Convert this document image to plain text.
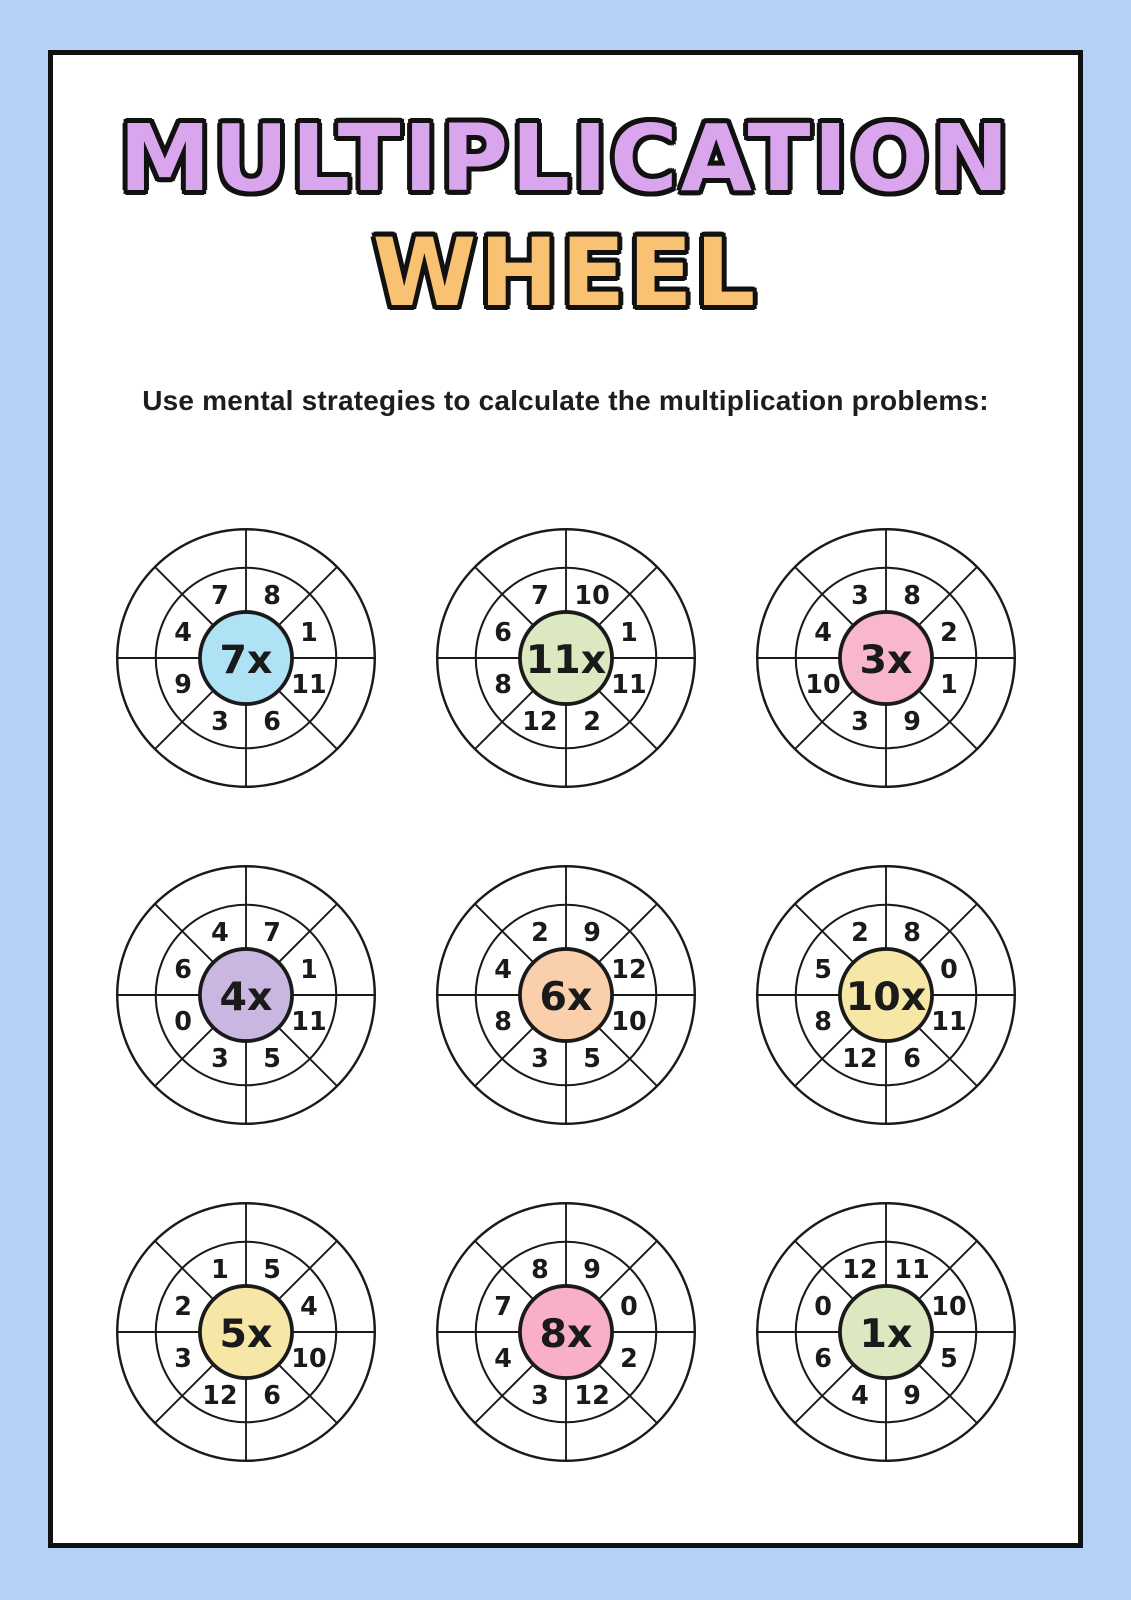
MULTIPLICATION
WHEEL
Use mental strategies to calculate the multiplication problems:
7 8
1
11
6
3
9
4
7x
7 10
1
11
2
12
8
6
11x
3 8
2
1
9
3
10
4
3x
4 7
1
11
5
3
0
6
4x
2 9
12
10
5
3
8
4
6x
2 8
0
11
6
12
8
5
10x
1 5
4
10
6
12
3
2
5x
8 9
0
2
12
3
4
7
8x
12 11
10
5
9
4
6
0
1x
